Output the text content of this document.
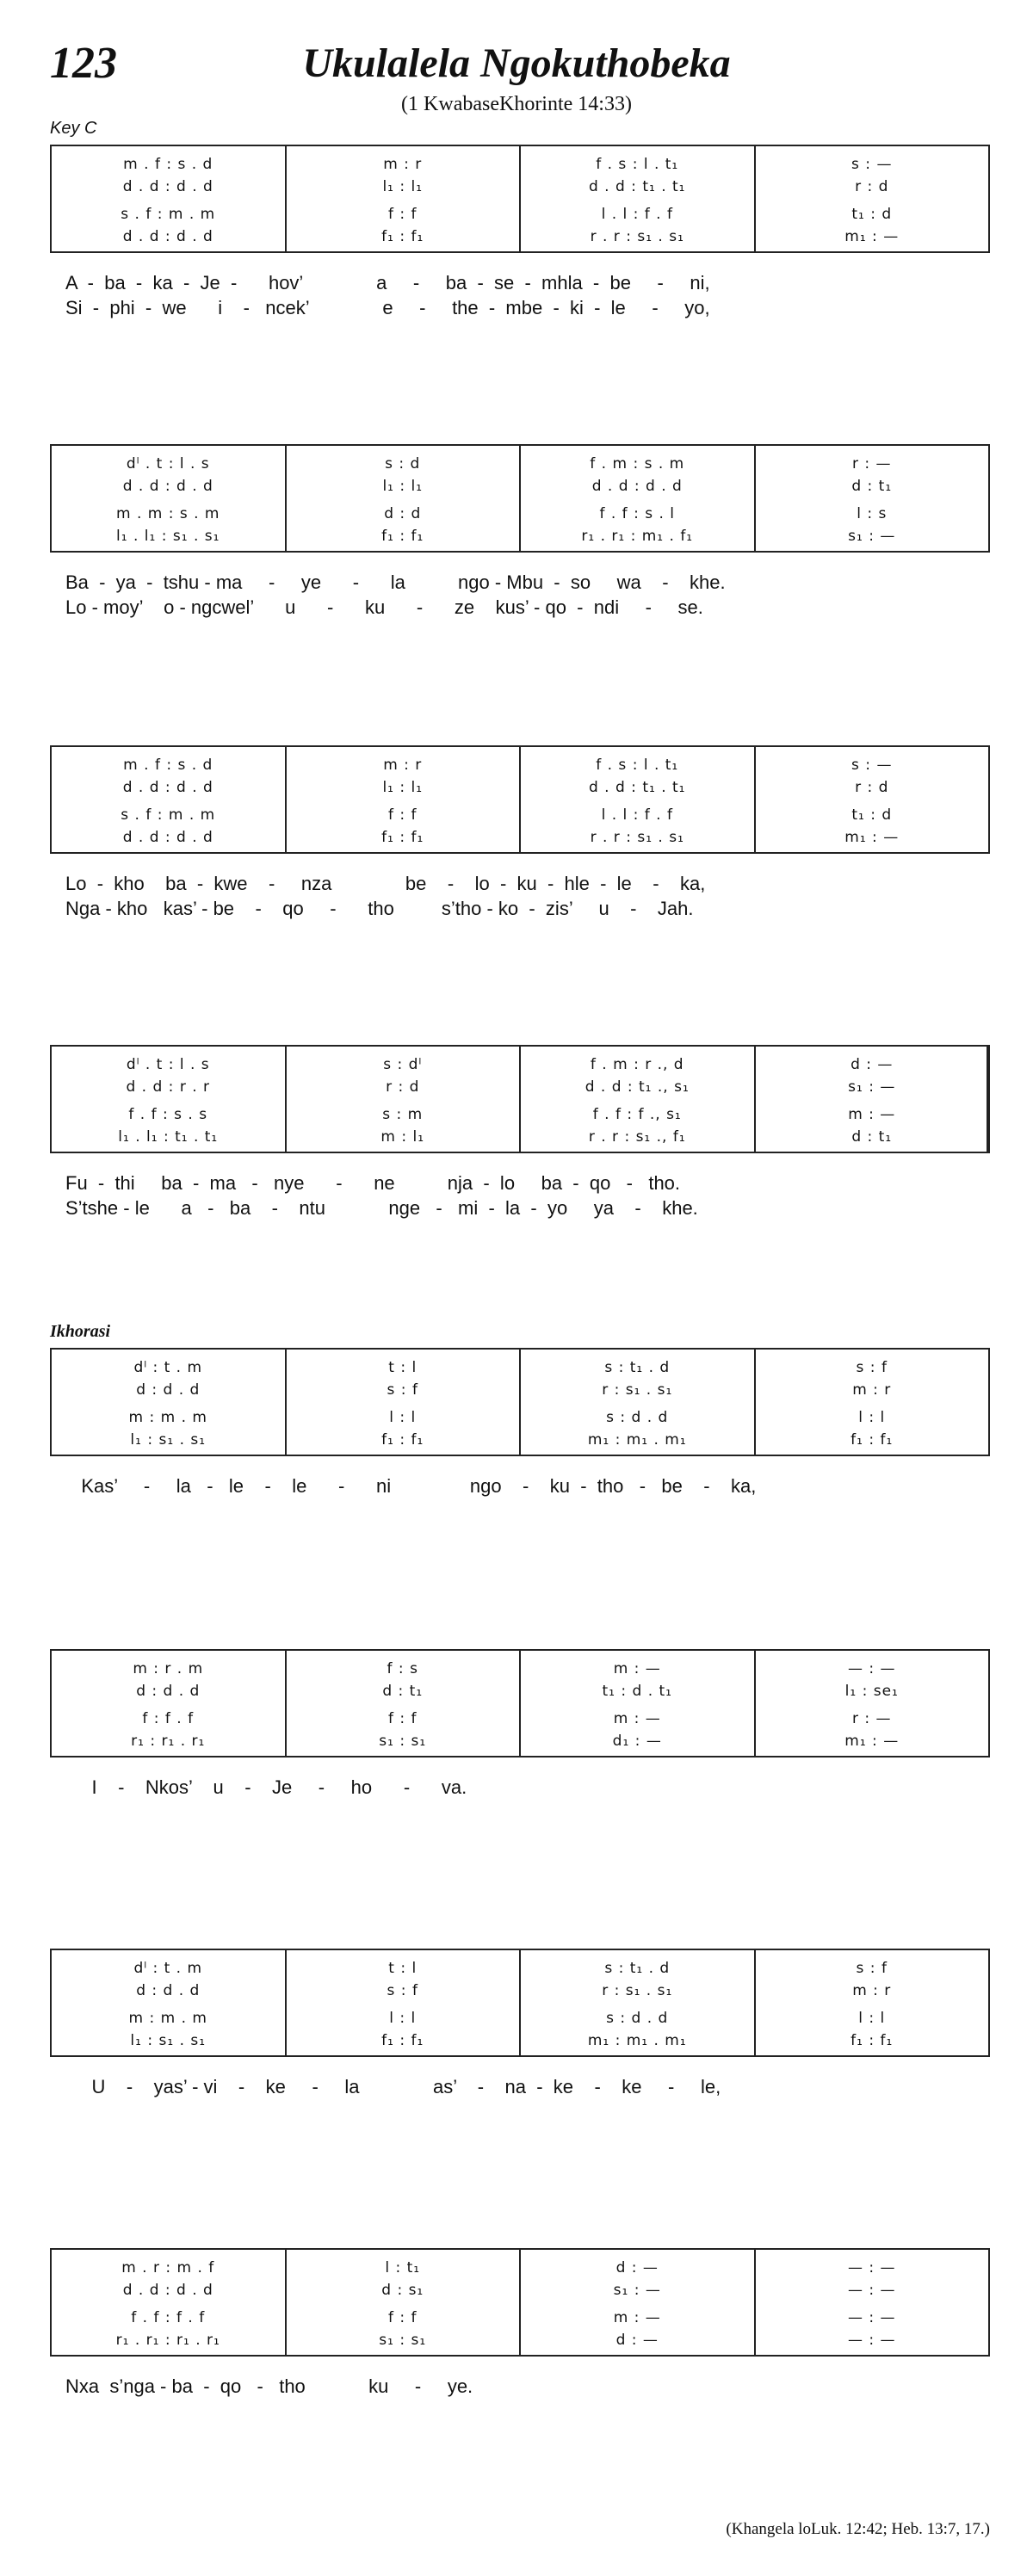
123	Ukulalela Ngokuthobeka
(1 KwabaseKhorinte 14:33)
Key C
Ikhorasi
m . f : s . d
d . d : d . d
s . f : m . m
d . d : d . d
m : r
l₁ : l₁
f : f
f₁ : f₁
f . s : l . t₁
d . d : t₁ . t₁
l . l : f . f
r . r : s₁ . s₁
s : —
r : d
t₁ : d
m₁ : —
A  -  ba  -  ka  -  Je  -      hov’              a     -     ba  -  se  -  mhla  -  be     -     ni,
Si  -  phi  -  we      i    -   ncek’              e     -     the  -  mbe  -  ki  -  le     -     yo,
dˡ . t : l . s
d . d : d . d
m . m : s . m
l₁ . l₁ : s₁ . s₁
s : d
l₁ : l₁
d : d
f₁ : f₁
f . m : s . m
d . d : d . d
f . f : s . l
r₁ . r₁ : m₁ . f₁
r : —
d : t₁
l : s
s₁ : —
Ba  -  ya  -  tshu - ma     -     ye      -      la          ngo - Mbu  -  so     wa    -    khe.
Lo - moy’    o - ngcwel’      u      -      ku      -      ze    kus’ - qo  -  ndi     -     se.
m . f : s . d
d . d : d . d
s . f : m . m
d . d : d . d
m : r
l₁ : l₁
f : f
f₁ : f₁
f . s : l . t₁
d . d : t₁ . t₁
l . l : f . f
r . r : s₁ . s₁
s : —
r : d
t₁ : d
m₁ : —
Lo  -  kho    ba  -  kwe    -     nza              be    -    lo  -  ku  -  hle  -  le    -    ka,
Nga - kho   kas’ - be    -    qo     -      tho         s’tho - ko  -  zis’     u    -    Jah.
dˡ . t : l . s
d . d : r . r
f . f : s . s
l₁ . l₁ : t₁ . t₁
s : dˡ
r : d
s : m
m : l₁
f . m : r ., d
d . d : t₁ ., s₁
f . f : f ., s₁
r . r : s₁ ., f₁
d : —
s₁ : —
m : —
d : t₁
Fu  -  thi     ba  -  ma   -   nye      -      ne          nja  -  lo     ba  -  qo   -   tho.
S’tshe - le      a   -   ba    -    ntu            nge   -   mi  -  la  -  yo     ya    -    khe.
dˡ : t . m
d : d . d
m : m . m
l₁ : s₁ . s₁
t : l
s : f
l : l
f₁ : f₁
s : t₁ . d
r : s₁ . s₁
s : d . d
m₁ : m₁ . m₁
s : f
m : r
l : l
f₁ : f₁
Kas’     -     la   -   le    -    le      -      ni               ngo    -    ku  -  tho   -   be    -    ka,
m : r . m
d : d . d
f : f . f
r₁ : r₁ . r₁
f : s
d : t₁
f : f
s₁ : s₁
m : —
t₁ : d . t₁
m : —
d₁ : —
— : —
l₁ : se₁
r : —
m₁ : —
I    -    Nkos’    u    -    Je     -     ho      -      va.
dˡ : t . m
d : d . d
m : m . m
l₁ : s₁ . s₁
t : l
s : f
l : l
f₁ : f₁
s : t₁ . d
r : s₁ . s₁
s : d . d
m₁ : m₁ . m₁
s : f
m : r
l : l
f₁ : f₁
U    -    yas’ - vi    -    ke     -     la              as’    -    na  -  ke    -    ke     -     le,
m . r : m . f
d . d : d . d
f . f : f . f
r₁ . r₁ : r₁ . r₁
l : t₁
d : s₁
f : f
s₁ : s₁
d : —
s₁ : —
m : —
d : —
— : —
— : —
— : —
— : —
Nxa  s’nga - ba  -  qo   -   tho            ku     -     ye.
(Khangela loLuk. 12:42; Heb. 13:7, 17.)
